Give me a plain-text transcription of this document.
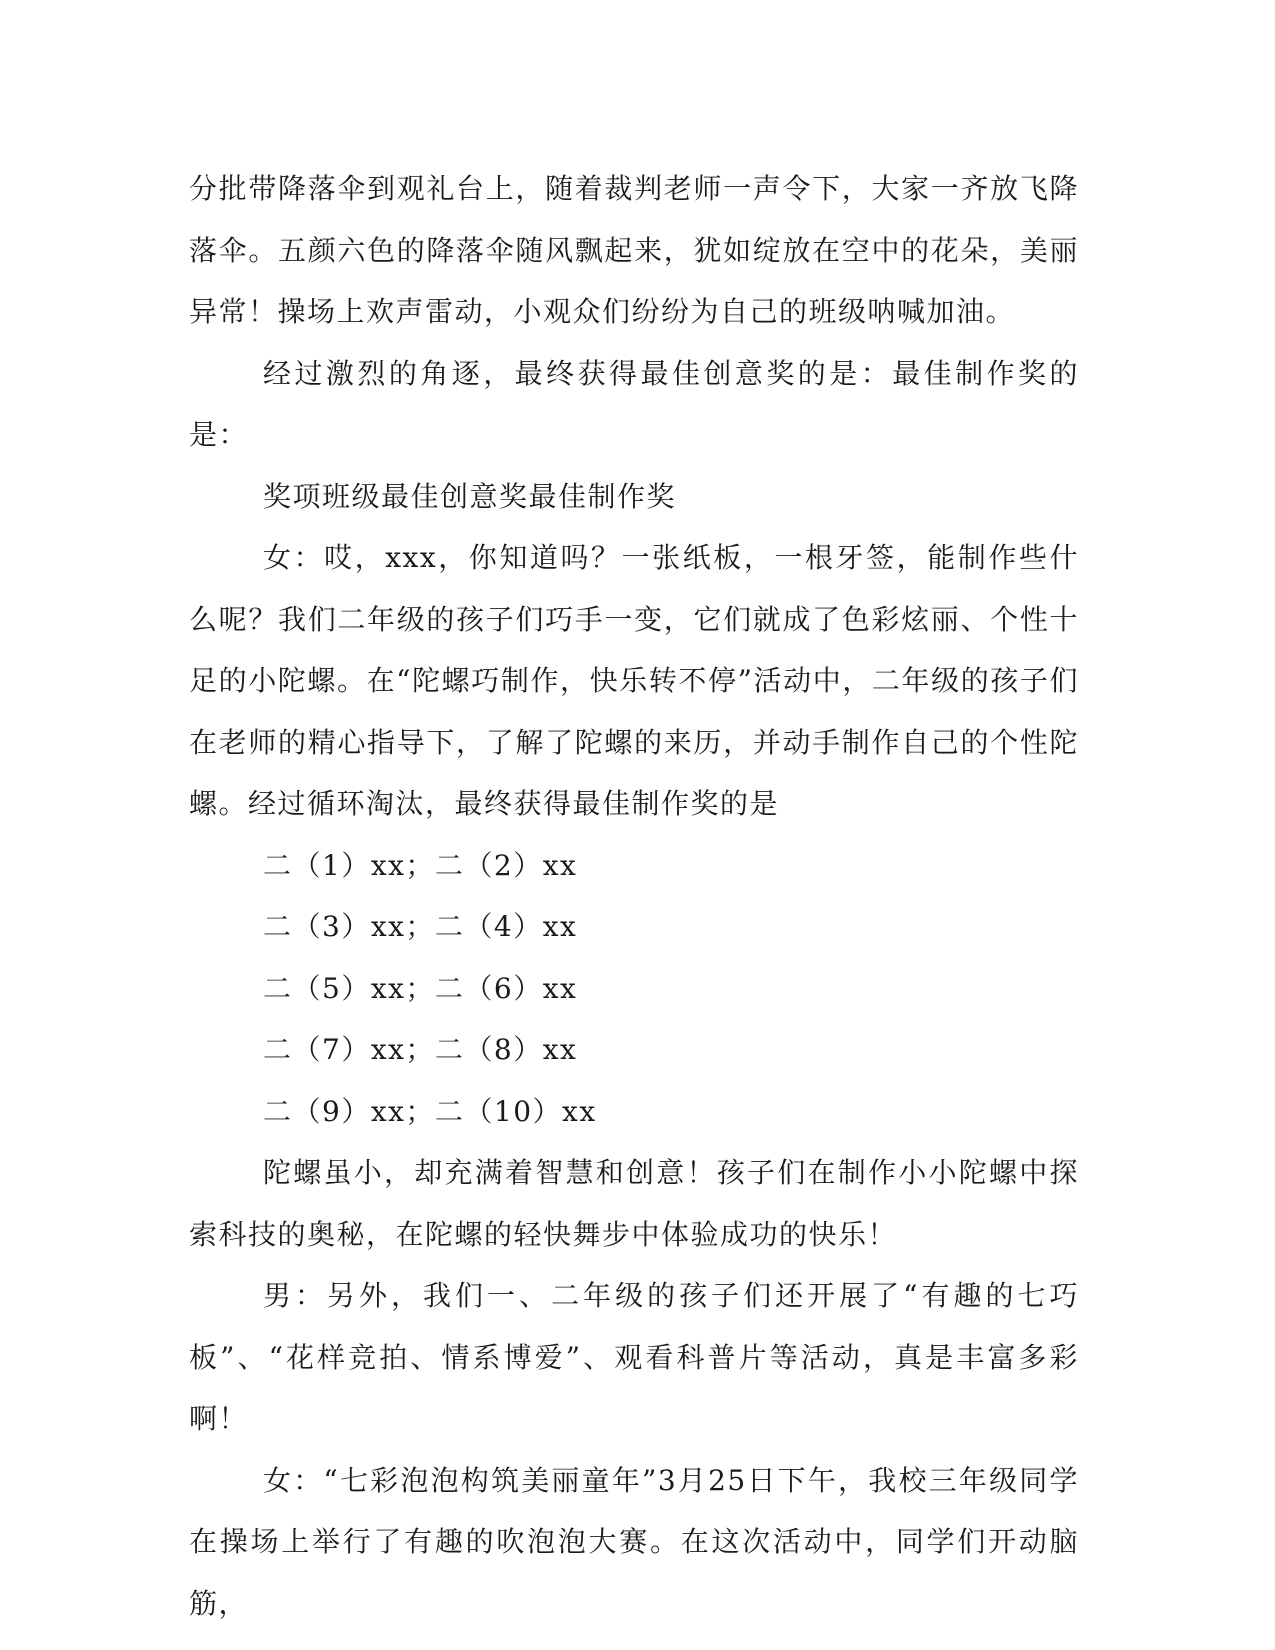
分批带降落伞到观礼台上，随着裁判老师一声令下，大家一齐放飞降落伞。五颜六色的降落伞随风飘起来，犹如绽放在空中的花朵，美丽异常！操场上欢声雷动，小观众们纷纷为自己的班级呐喊加油。

经过激烈的角逐，最终获得最佳创意奖的是：最佳制作奖的是：

奖项班级最佳创意奖最佳制作奖

女：哎，xxx，你知道吗？一张纸板，一根牙签，能制作些什么呢？我们二年级的孩子们巧手一变，它们就成了色彩炫丽、个性十足的小陀螺。在“陀螺巧制作，快乐转不停”活动中，二年级的孩子们在老师的精心指导下，了解了陀螺的来历，并动手制作自己的个性陀螺。经过循环淘汰，最终获得最佳制作奖的是

二（1）xx；二（2）xx

二（3）xx；二（4）xx

二（5）xx；二（6）xx

二（7）xx；二（8）xx

二（9）xx；二（10）xx

陀螺虽小，却充满着智慧和创意！孩子们在制作小小陀螺中探索科技的奥秘，在陀螺的轻快舞步中体验成功的快乐！

男：另外，我们一、二年级的孩子们还开展了“有趣的七巧板”、“花样竞拍、情系博爱”、观看科普片等活动，真是丰富多彩啊！

女：“七彩泡泡构筑美丽童年”3月25日下午，我校三年级同学在操场上举行了有趣的吹泡泡大赛。在这次活动中，同学们开动脑筋，
